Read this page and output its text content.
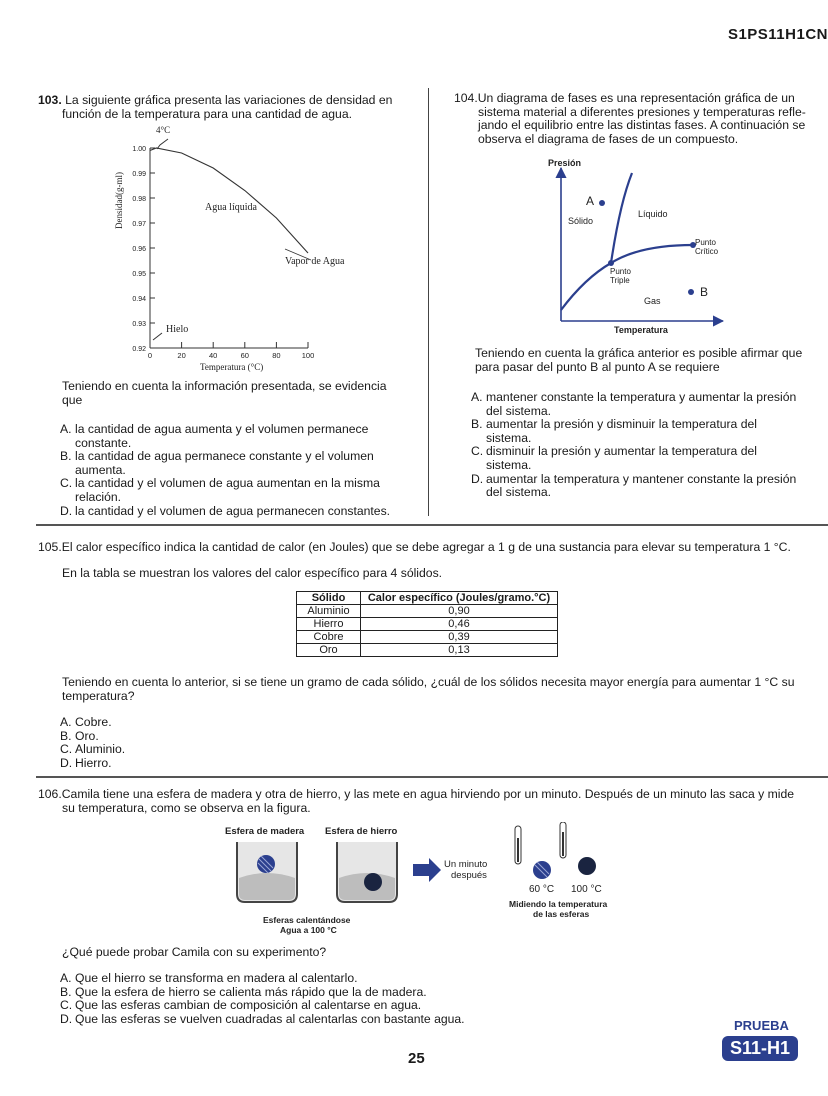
S1PS11H1CN
103. La siguiente gráfica presenta las variaciones de densidad en
función de la temperatura para una cantidad de agua.
4°C
Agua líquida
Vapor de Agua
Hielo
Densidad(g-ml)
Temperatura (°C)
0.92
0.93
0.94
0.95
0.96
0.97
0.98
0.99
1.00
0	20	40	60	80	100
Teniendo en cuenta la información presentada, se evidencia
que
A. la cantidad de agua aumenta y el volumen permanece
constante.
B. la cantidad de agua permanece constante y el volumen
aumenta.
C. la cantidad y el volumen de agua aumentan en la misma
relación.
D. la cantidad y el volumen de agua permanecen constantes.
104.Un diagrama de fases es una representación gráfica de un
sistema material a diferentes presiones y temperaturas refle-
jando el equilibrio entre las distintas fases. A continuación se
observa el diagrama de fases de un compuesto.
Presión
Temperatura
A
B
Sólido
Líquido
Gas
Punto
Triple
Punto
Crítico
Teniendo en cuenta la gráfica anterior es posible afirmar que
para pasar del punto B al punto A se requiere
A. mantener constante la temperatura y aumentar la presión
del sistema.
B. aumentar la presión y disminuir la temperatura del
sistema.
C. disminuir la presión y aumentar la temperatura del
sistema.
D. aumentar la temperatura y mantener constante la presión
del sistema.
105.El calor específico indica la cantidad de calor (en Joules) que se debe agregar a 1 g de una sustancia para elevar su temperatura 1 °C.
En la tabla se muestran los valores del calor específico para 4 sólidos.
Sólido	Calor específico (Joules/gramo.°C)
Aluminio	0,90
Hierro	0,46
Cobre	0,39
Oro	0,13
Teniendo en cuenta lo anterior, si se tiene un gramo de cada sólido, ¿cuál de los sólidos necesita mayor energía para aumentar 1 °C su
temperatura?
A. Cobre.
B. Oro.
C. Aluminio.
D. Hierro.
106.Camila tiene una esfera de madera y otra de hierro, y las mete en agua hirviendo por un minuto. Después de un minuto las saca y mide
su temperatura, como se observa en la figura.
Esfera de madera Esfera de hierro
Un minuto
después
60 °C 100 °C
Midiendo la temperatura
de las esferas
Esferas calentándose
Agua a 100 °C
¿Qué puede probar Camila con su experimento?
A. Que el hierro se transforma en madera al calentarlo.
B. Que la esfera de hierro se calienta más rápido que la de madera.
C. Que las esferas cambian de composición al calentarse en agua.
D. Que las esferas se vuelven cuadradas al calentarlas con bastante agua.
25
PRUEBA
S11-H1
